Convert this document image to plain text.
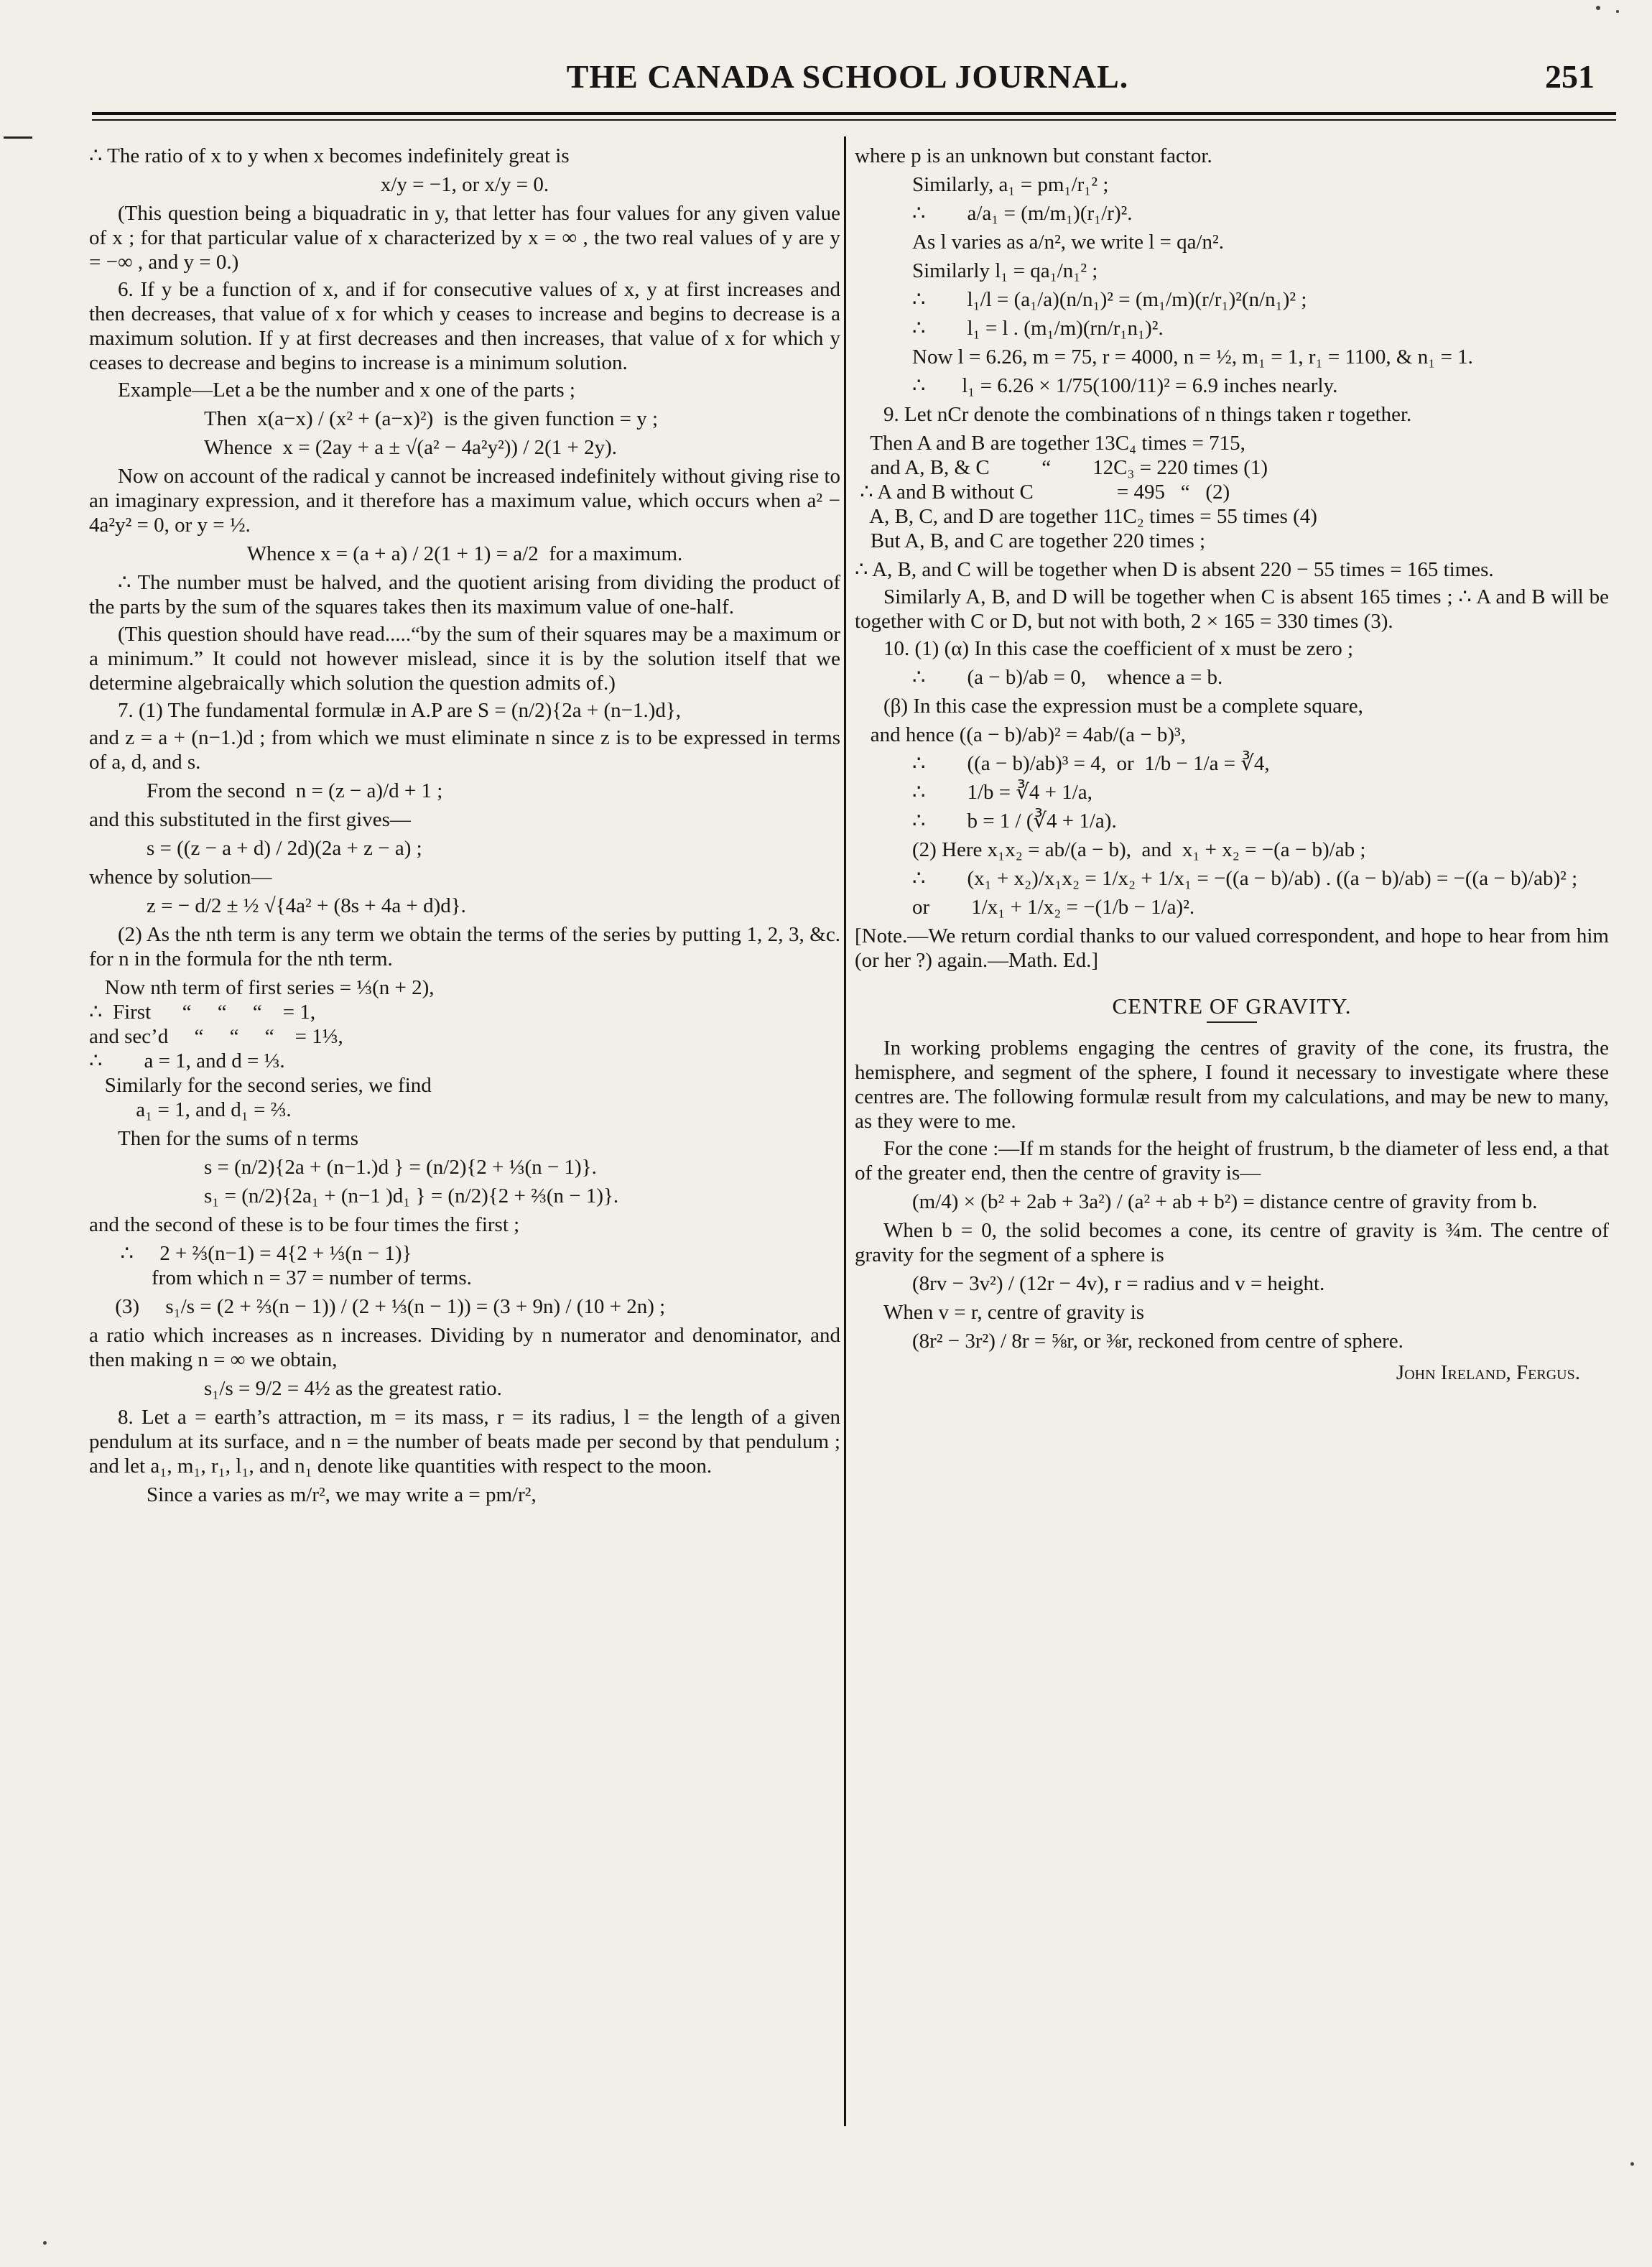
THE CANADA SCHOOL JOURNAL.	251
∴ The ratio of x to y when x becomes indefinitely great is
x/y = −1, or x/y = 0.
(This question being a biquadratic in y, that letter has four values for any given value of x ; for that particular value of x characterized by x = ∞ , the two real values of y are y = −∞ , and y = 0.)
6. If y be a function of x, and if for consecutive values of x, y at first increases and then decreases, that value of x for which y ceases to increase and begins to decrease is a maximum solution. If y at first decreases and then increases, that value of x for which y ceases to decrease and begins to increase is a minimum solution.
Example—Let a be the number and x one of the parts ;
Then  x(a−x) / (x² + (a−x)²)  is the given function = y ;
Whence  x = (2ay + a ± √(a² − 4a²y²)) / 2(1 + 2y).
Now on account of the radical y cannot be increased indefinitely without giving rise to an imaginary expression, and it therefore has a maximum value, which occurs when a² − 4a²y² = 0, or y = ½.
Whence x = (a + a) / 2(1 + 1) = a/2  for a maximum.
∴ The number must be halved, and the quotient arising from dividing the product of the parts by the sum of the squares takes then its maximum value of one-half.
(This question should have read.....“by the sum of their squares may be a maximum or a minimum.” It could not however mislead, since it is by the solution itself that we determine algebraically which solution the question admits of.)
7. (1) The fundamental formulæ in A.P are S = (n/2){2a + (n−1.)d},
and z = a + (n−1.)d ; from which we must eliminate n since z is to be expressed in terms of a, d, and s.
From the second  n = (z − a)/d + 1 ;
and this substituted in the first gives—
s = ((z − a + d) / 2d)(2a + z − a) ;
whence by solution—
z = − d/2 ± ½ √{4a² + (8s + 4a + d)d}.
(2) As the nth term is any term we obtain the terms of the series by putting 1, 2, 3, &c. for n in the formula for the nth term.
Now nth term of first series = ⅓(n + 2),
∴  First      “     “     “    = 1,
and sec’d     “     “     “    = 1⅓,
∴        a = 1, and d = ⅓.
Similarly for the second series, we find
a₁ = 1, and d₁ = ⅔.
Then for the sums of n terms
s = (n/2){2a + (n−1.)d } = (n/2){2 + ⅓(n − 1)}.
s₁ = (n/2){2a₁ + (n−1 )d₁ } = (n/2){2 + ⅔(n − 1)}.
and the second of these is to be four times the first ;
∴     2 + ⅔(n−1) = 4{2 + ⅓(n − 1)}
from which n = 37 = number of terms.
(3)     s₁/s = (2 + ⅔(n − 1)) / (2 + ⅓(n − 1)) = (3 + 9n) / (10 + 2n) ;
a ratio which increases as n increases. Dividing by n numerator and denominator, and then making n = ∞ we obtain,
s₁/s = 9/2 = 4½ as the greatest ratio.
8. Let a = earth’s attraction, m = its mass, r = its radius, l = the length of a given pendulum at its surface, and n = the number of beats made per second by that pendulum ; and let a₁, m₁, r₁, l₁, and n₁ denote like quantities with respect to the moon.
Since a varies as m/r², we may write a = pm/r²,
where p is an unknown but constant factor.
Similarly, a₁ = pm₁/r₁² ;
∴        a/a₁ = (m/m₁)(r₁/r)².
As l varies as a/n², we write l = qa/n².
Similarly l₁ = qa₁/n₁² ;
∴        l₁/l = (a₁/a)(n/n₁)² = (m₁/m)(r/r₁)²(n/n₁)² ;
∴        l₁ = l . (m₁/m)(rn/r₁n₁)².
Now l = 6.26, m = 75, r = 4000, n = ½, m₁ = 1, r₁ = 1100, & n₁ = 1.
∴       l₁ = 6.26 × 1/75(100/11)² = 6.9 inches nearly.
9. Let nCr denote the combinations of n things taken r together.
Then A and B are together 13C₄ times = 715,
and A, B, & C          “        12C₃ = 220 times (1)
∴ A and B without C                = 495   “   (2)
A, B, C, and D are together 11C₂ times = 55 times (4)
But A, B, and C are together 220 times ;
∴ A, B, and C will be together when D is absent 220 − 55 times = 165 times.
Similarly A, B, and D will be together when C is absent 165 times ; ∴ A and B will be together with C or D, but not with both, 2 × 165 = 330 times (3).
10. (1) (α) In this case the coefficient of x must be zero ;
∴        (a − b)/ab = 0,    whence a = b.
(β) In this case the expression must be a complete square,
and hence ((a − b)/ab)² = 4ab/(a − b)³,
∴        ((a − b)/ab)³ = 4,  or  1/b − 1/a = ∛4,
∴        1/b = ∛4 + 1/a,
∴        b = 1 / (∛4 + 1/a).
(2) Here x₁x₂ = ab/(a − b),  and  x₁ + x₂ = −(a − b)/ab ;
∴        (x₁ + x₂)/x₁x₂ = 1/x₂ + 1/x₁ = −((a − b)/ab) . ((a − b)/ab) = −((a − b)/ab)² ;
or        1/x₁ + 1/x₂ = −(1/b − 1/a)².
[Note.—We return cordial thanks to our valued correspondent, and hope to hear from him (or her ?) again.—Math. Ed.]
CENTRE OF GRAVITY.
In working problems engaging the centres of gravity of the cone, its frustra, the hemisphere, and segment of the sphere, I found it necessary to investigate where these centres are. The following formulæ result from my calculations, and may be new to many, as they were to me.
For the cone :—If m stands for the height of frustrum, b the diameter of less end, a that of the greater end, then the centre of gravity is—
(m/4) × (b² + 2ab + 3a²) / (a² + ab + b²) = distance centre of gravity from b.
When b = 0, the solid becomes a cone, its centre of gravity is ¾m. The centre of gravity for the segment of a sphere is
(8rv − 3v²) / (12r − 4v), r = radius and v = height.
When v = r, centre of gravity is
(8r² − 3r²) / 8r = ⅝r, or ⅜r, reckoned from centre of sphere.
John Ireland, Fergus.
